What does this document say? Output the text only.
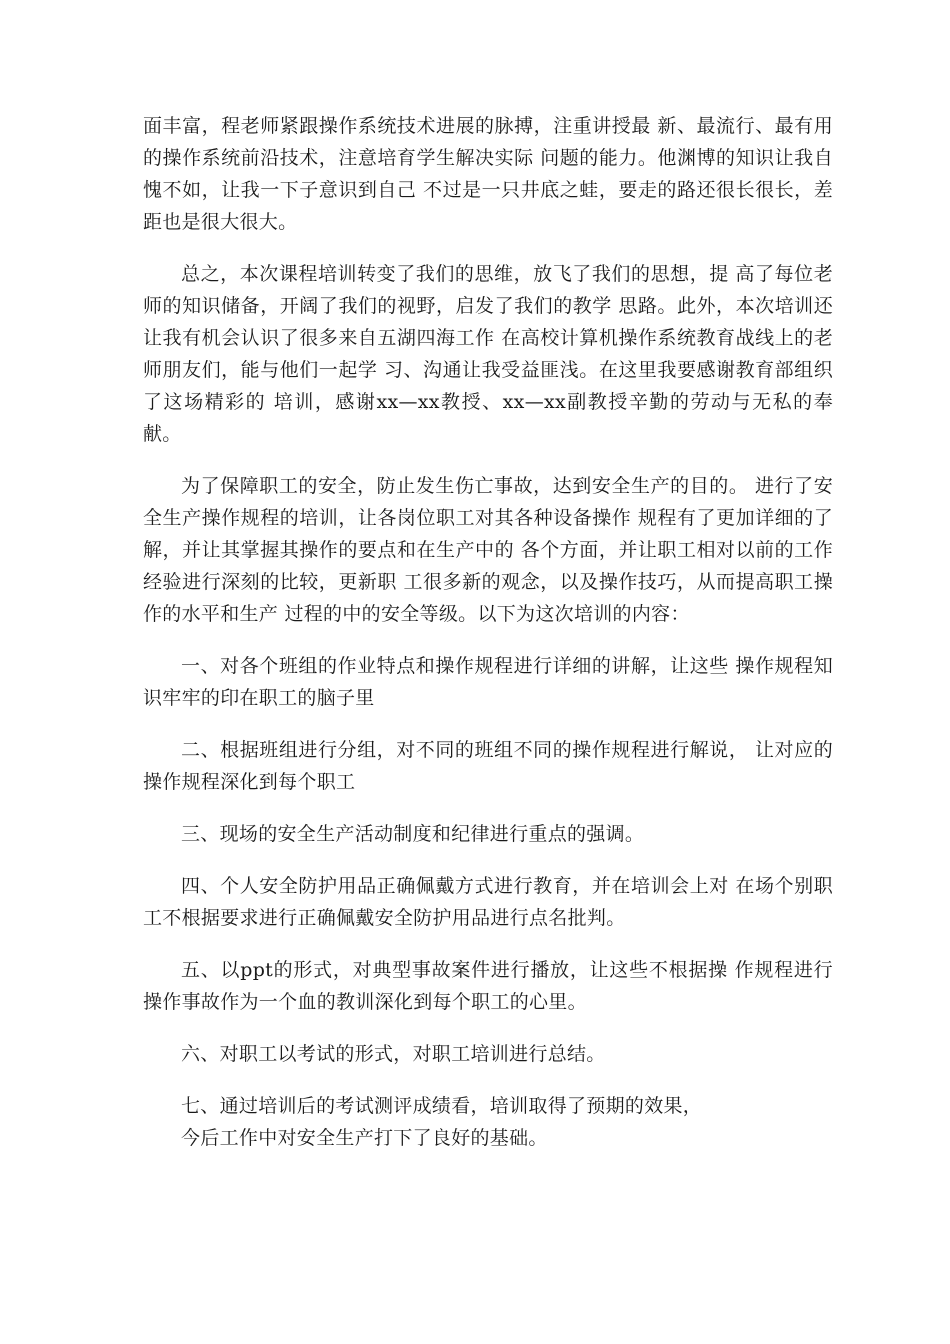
面丰富，程老师紧跟操作系统技术进展的脉搏，注重讲授最 新、最流行、最有用的操作系统前沿技术，注意培育学生解决实际 问题的能力。他渊博的知识让我自愧不如，让我一下子意识到自己 不过是一只井底之蛙，要走的路还很长很长，差距也是很大很大。

总之，本次课程培训转变了我们的思维，放飞了我们的思想，提 高了每位老师的知识储备，开阔了我们的视野，启发了我们的教学 思路。此外，本次培训还让我有机会认识了很多来自五湖四海工作 在高校计算机操作系统教育战线上的老师朋友们，能与他们一起学 习、沟通让我受益匪浅。在这里我要感谢教育部组织了这场精彩的 培训，感谢xx—xx教授、xx—xx副教授辛勤的劳动与无私的奉献。

为了保障职工的安全，防止发生伤亡事故，达到安全生产的目的。 进行了安全生产操作规程的培训，让各岗位职工对其各种设备操作 规程有了更加详细的了解，并让其掌握其操作的要点和在生产中的 各个方面，并让职工相对以前的工作经验进行深刻的比较，更新职 工很多新的观念，以及操作技巧，从而提高职工操作的水平和生产 过程的中的安全等级。以下为这次培训的内容：

一、对各个班组的作业特点和操作规程进行详细的讲解，让这些 操作规程知识牢牢的印在职工的脑子里

二、根据班组进行分组，对不同的班组不同的操作规程进行解说， 让对应的操作规程深化到每个职工

三、现场的安全生产活动制度和纪律进行重点的强调。

四、个人安全防护用品正确佩戴方式进行教育，并在培训会上对 在场个别职工不根据要求进行正确佩戴安全防护用品进行点名批判。

五、以ppt的形式，对典型事故案件进行播放，让这些不根据操 作规程进行操作事故作为一个血的教训深化到每个职工的心里。

六、对职工以考试的形式，对职工培训进行总结。

七、通过培训后的考试测评成绩看，培训取得了预期的效果，

今后工作中对安全生产打下了良好的基础。
